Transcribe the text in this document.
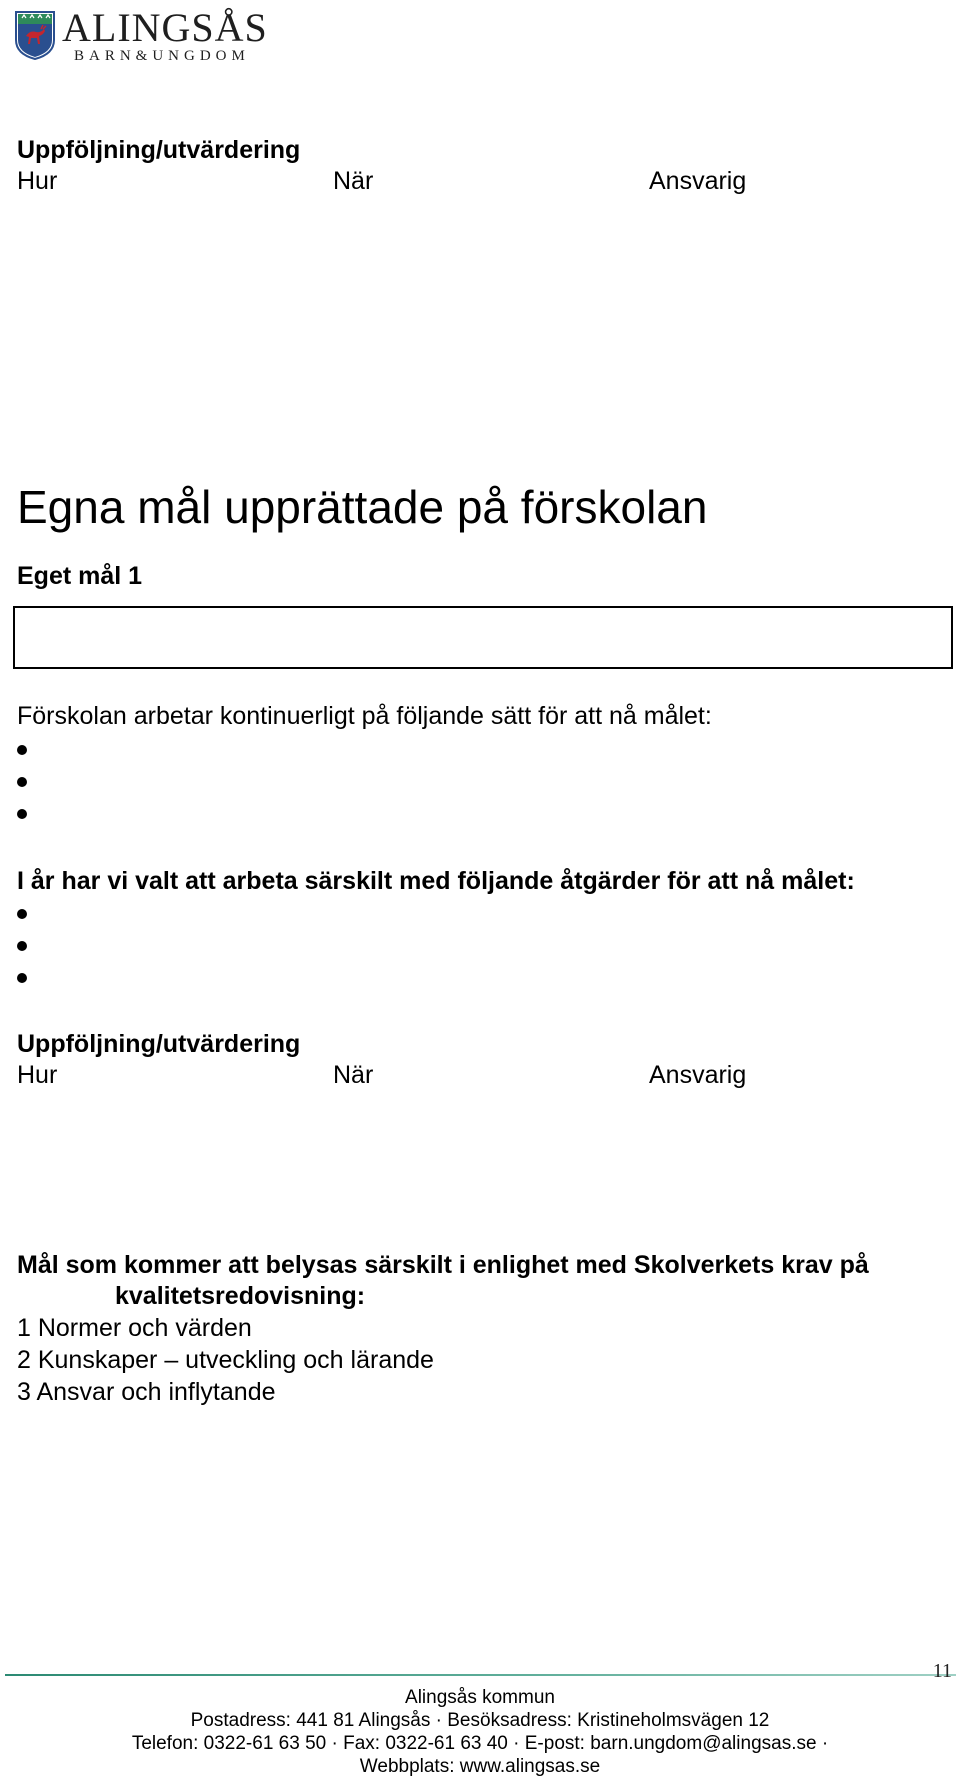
ALINGSÅS
BARN&UNGDOM
Uppföljning/utvärdering
Hur	När	Ansvarig
Egna mål upprättade på förskolan
Eget mål 1
Förskolan arbetar kontinuerligt på följande sätt för att nå målet:
I år har vi valt att arbeta särskilt med följande åtgärder för att nå målet:
Uppföljning/utvärdering
Hur	När	Ansvarig
Mål som kommer att belysas särskilt i enlighet med Skolverkets krav på
kvalitetsredovisning:
1 Normer och värden
2 Kunskaper – utveckling och lärande
3 Ansvar och inflytande
11
Alingsås kommun
Postadress: 441 81 Alingsås · Besöksadress: Kristineholmsvägen 12
Telefon: 0322-61 63 50 · Fax: 0322-61 63 40 · E-post: barn.ungdom@alingsas.se ·
Webbplats: www.alingsas.se
